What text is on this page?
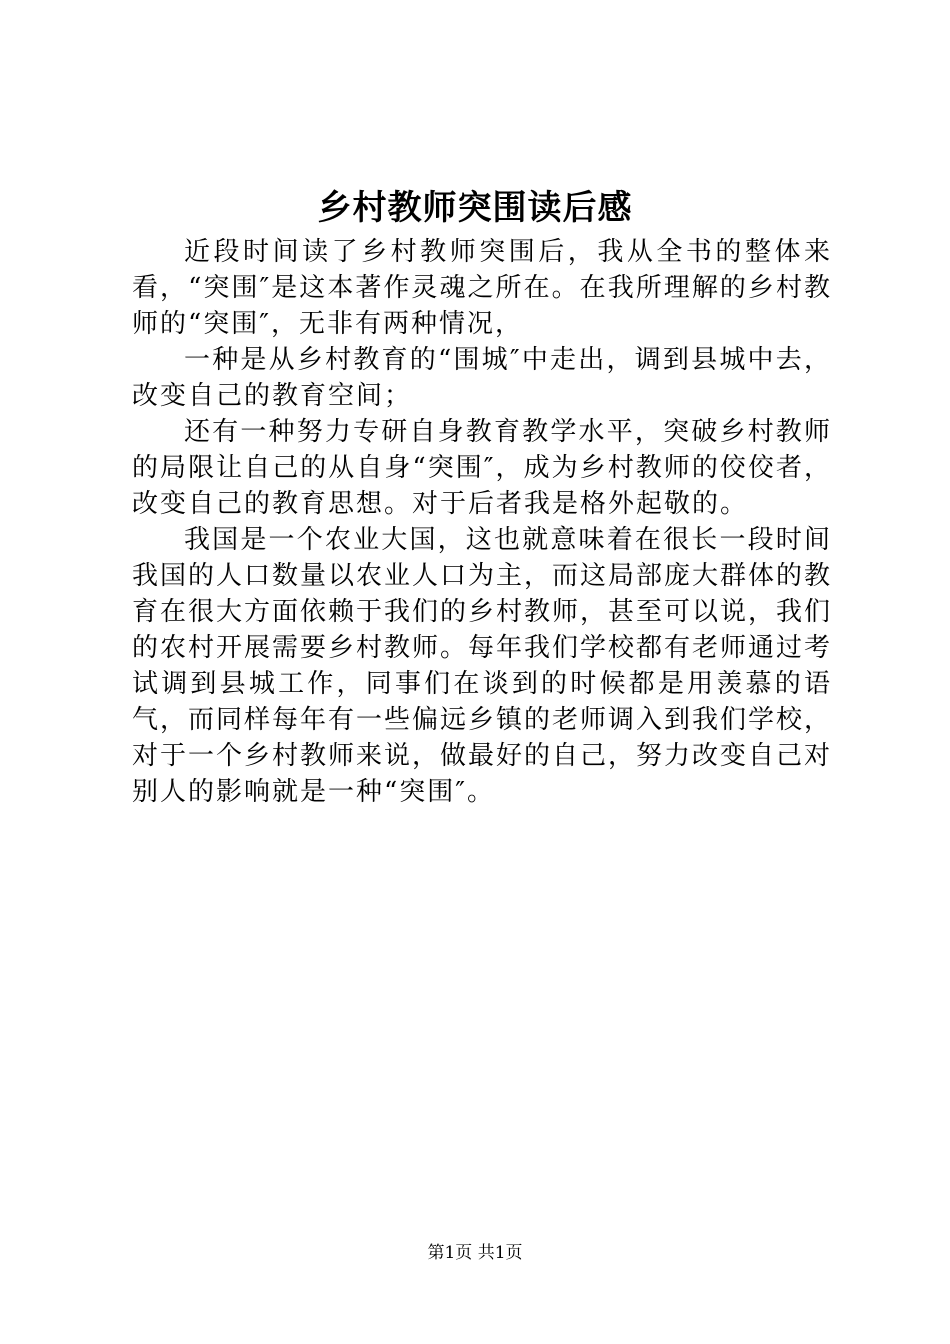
乡村教师突围读后感

近段时间读了乡村教师突围后，我从全书的整体来看，“突围″是这本著作灵魂之所在。在我所理解的乡村教师的“突围″，无非有两种情况，

一种是从乡村教育的“围城″中走出，调到县城中去，改变自己的教育空间；

还有一种努力专研自身教育教学水平，突破乡村教师的局限让自己的从自身“突围″，成为乡村教师的佼佼者，改变自己的教育思想。对于后者我是格外起敬的。

我国是一个农业大国，这也就意味着在很长一段时间我国的人口数量以农业人口为主，而这局部庞大群体的教育在很大方面依赖于我们的乡村教师，甚至可以说，我们的农村开展需要乡村教师。每年我们学校都有老师通过考试调到县城工作，同事们在谈到的时候都是用羡慕的语气，而同样每年有一些偏远乡镇的老师调入到我们学校，对于一个乡村教师来说，做最好的自己，努力改变自己对别人的影响就是一种“突围″。

第1页 共1页
